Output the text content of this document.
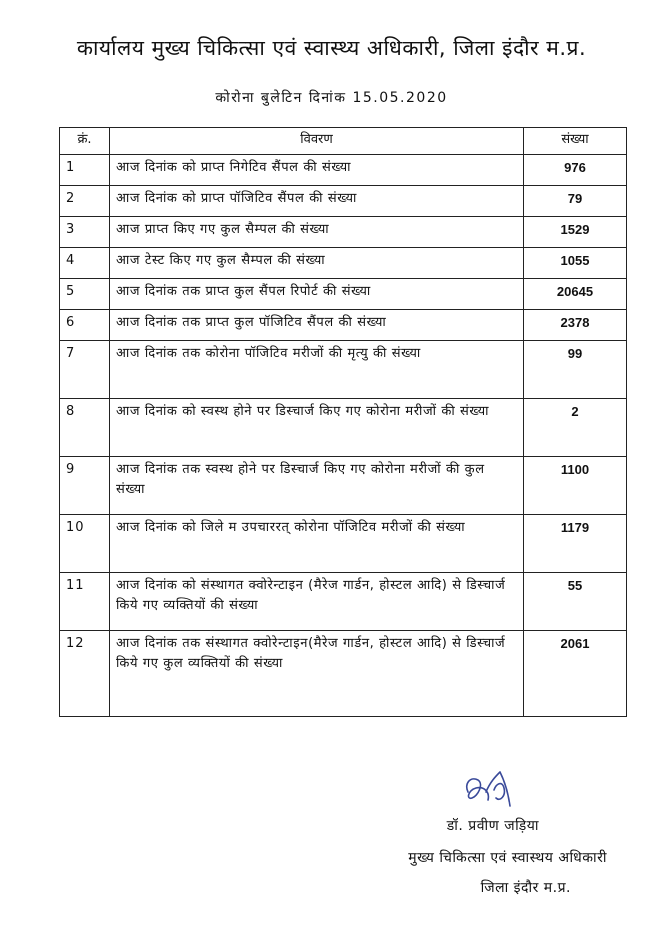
कार्यालय मुख्य चिकित्सा एवं स्वास्थ्य अधिकारी, जिला इंदौर म.प्र.
कोरोना बुलेटिन दिनांक 15.05.2020
क्रं.	विवरण	संख्या
1	आज दिनांक को प्राप्त निगेटिव सैंपल की संख्या	976
2	आज दिनांक को प्राप्त पॉजिटिव सैंपल की संख्या	79
3	आज प्राप्त किए गए कुल सैम्पल की संख्या	1529
4	आज टेस्ट किए गए कुल सैम्पल की संख्या	1055
5	आज दिनांक तक प्राप्त कुल सैंपल रिपोर्ट की संख्या	20645
6	आज दिनांक तक प्राप्त कुल पॉजिटिव सैंपल की संख्या	2378
7	आज दिनांक तक कोरोना पॉजिटिव मरीजों की मृत्यु की संख्या	99
8	आज दिनांक को स्वस्थ होने पर डिस्चार्ज किए गए कोरोना मरीजों की संख्या	2
9	आज दिनांक तक स्वस्थ होने पर डिस्चार्ज किए गए कोरोना मरीजों की कुल संख्या	1100
10	आज दिनांक को जिले म उपचाररत् कोरोना पॉजिटिव मरीजों की संख्या	1179
11	आज दिनांक को संस्थागत क्वोरेन्टाइन (मैरेज गार्डन, होस्टल आदि) से डिस्चार्ज किये गए व्यक्तियों की संख्या	55
12	आज दिनांक तक संस्थागत क्वोरेन्टाइन(मैरेज गार्डन, होस्टल आदि) से डिस्चार्ज किये गए कुल व्यक्तियों की संख्या	2061
डॉ. प्रवीण जड़िया
मुख्य चिकित्सा एवं स्वास्थय अधिकारी
जिला इंदौर म.प्र.
